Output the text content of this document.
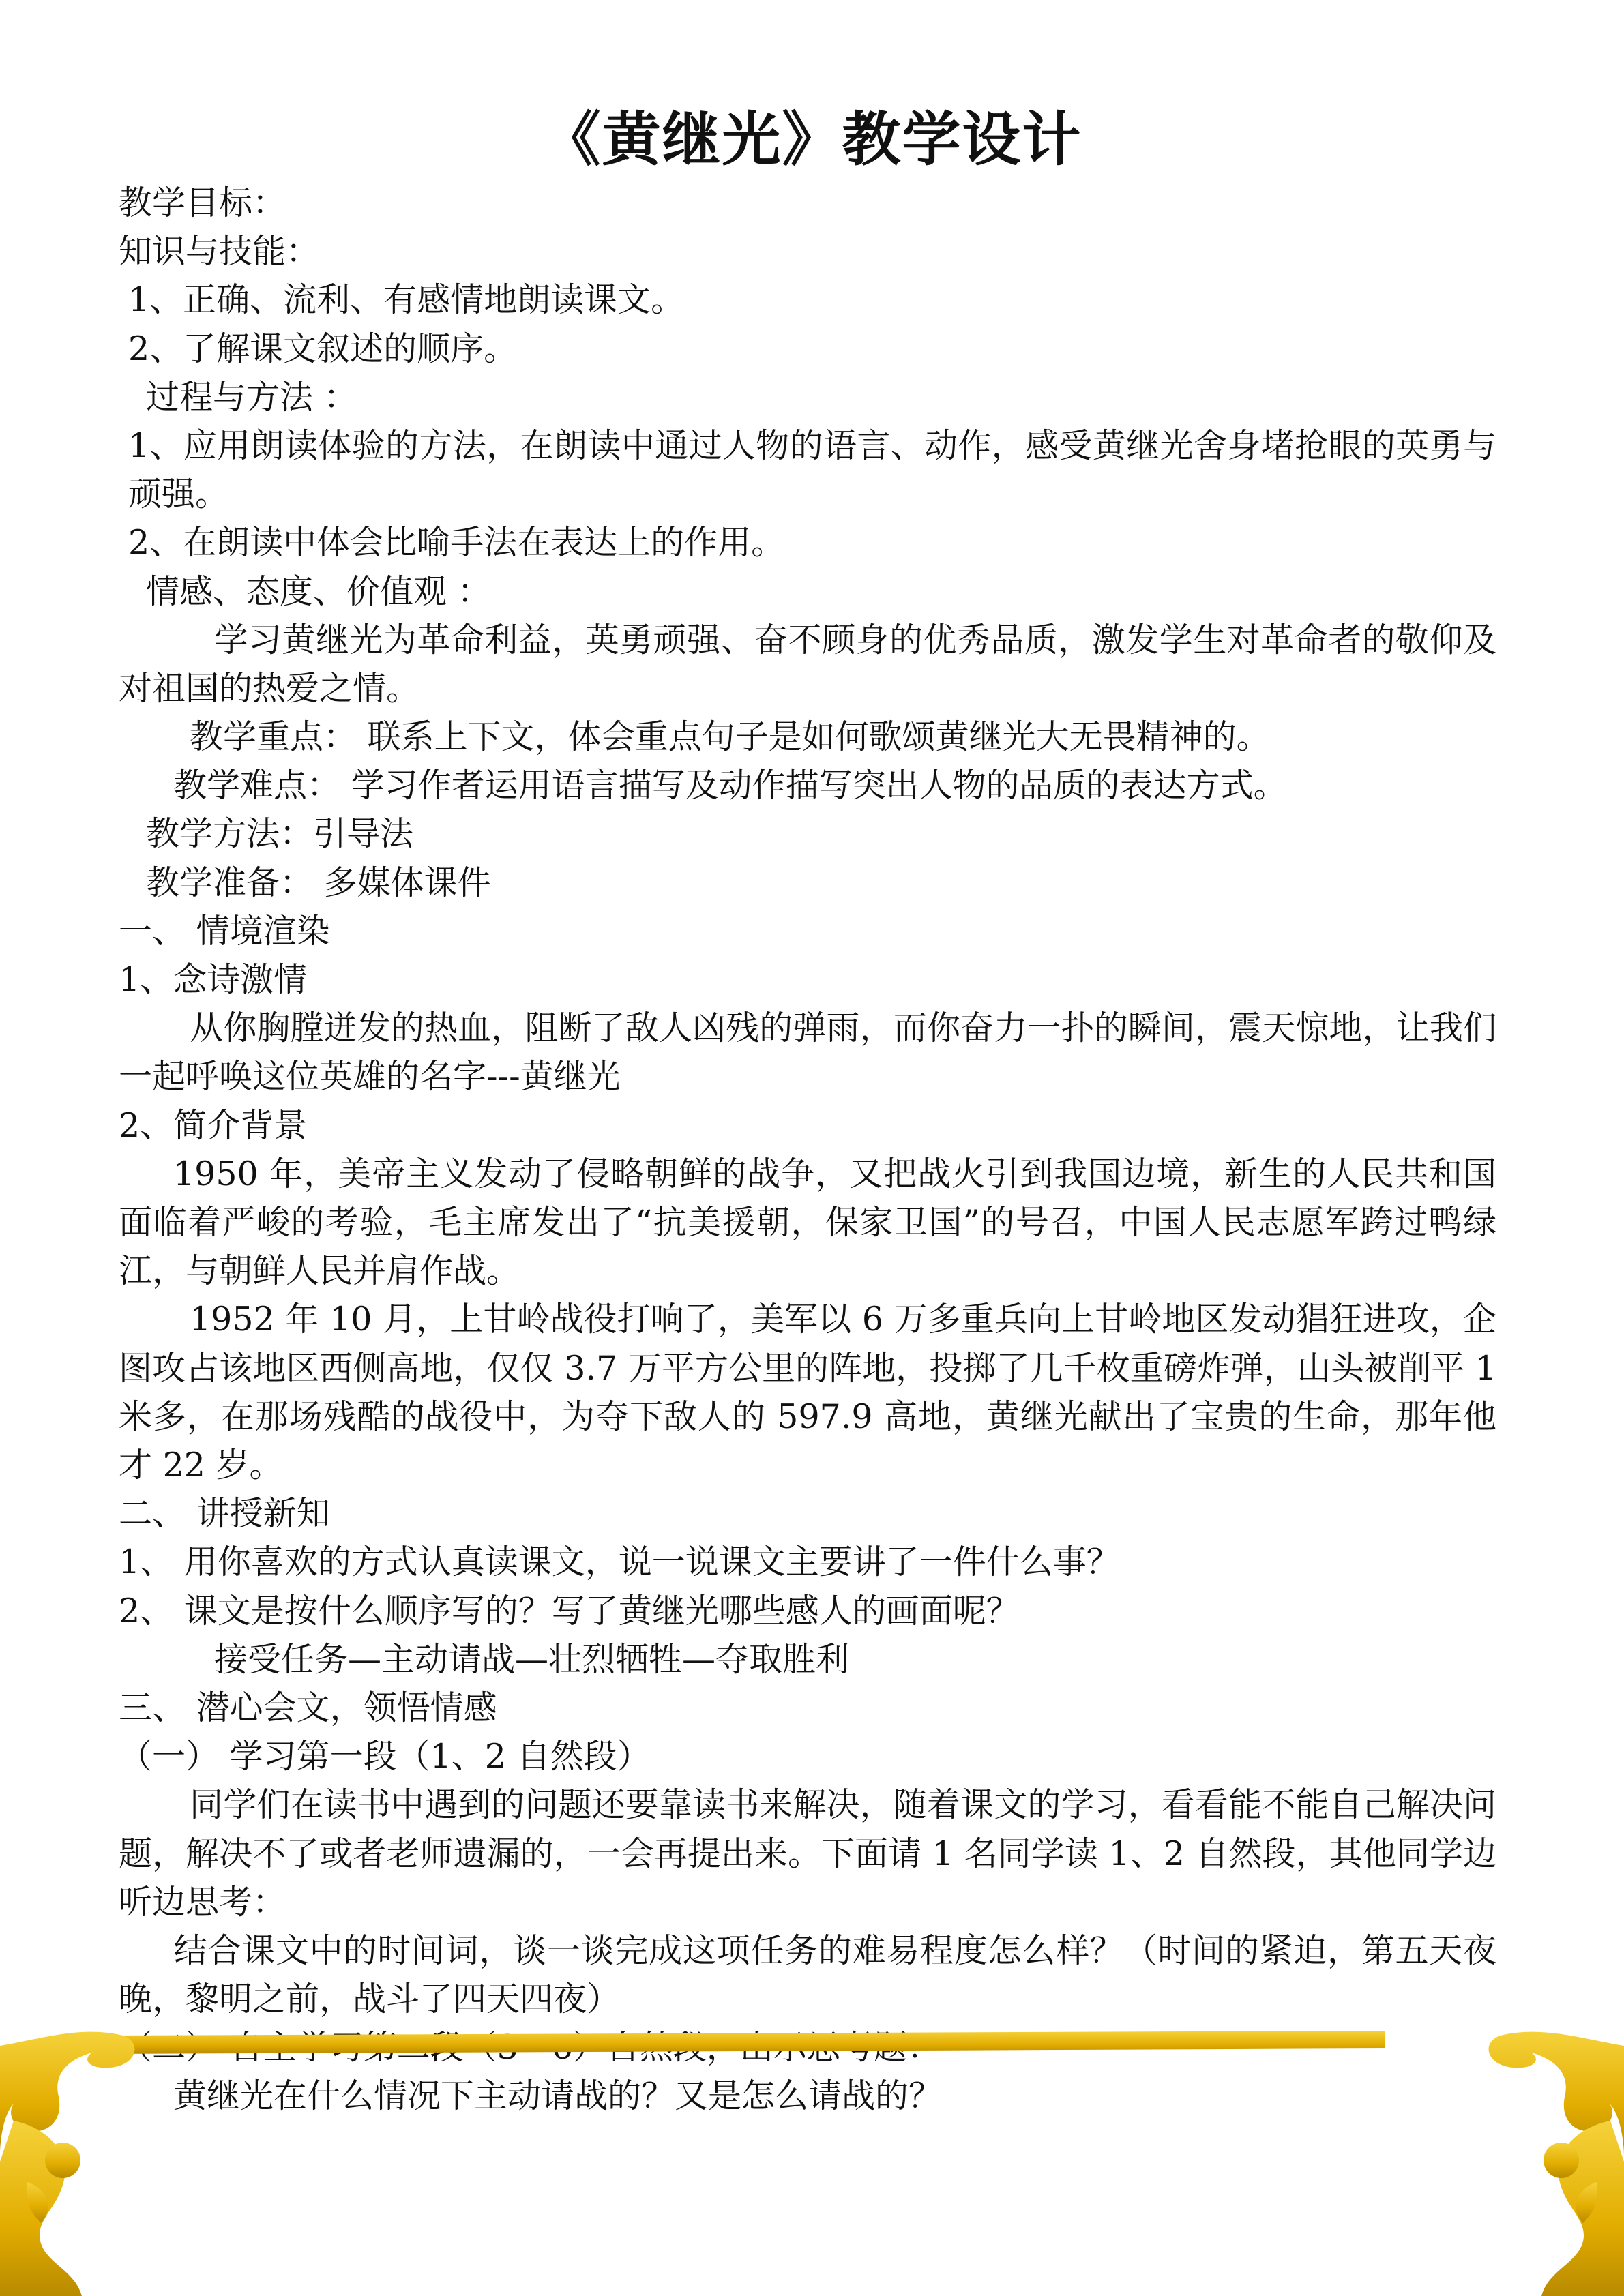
《黄继光》教学设计
教学目标：
知识与技能：
1、正确、流利、有感情地朗读课文。
2、了解课文叙述的顺序。
过程与方法 ：
1、应用朗读体验的方法，在朗读中通过人物的语言、动作，感受黄继光舍身堵抢眼的英勇与顽强。
2、在朗读中体会比喻手法在表达上的作用。
情感、态度、价值观 ：
学习黄继光为革命利益，英勇顽强、奋不顾身的优秀品质，激发学生对革命者的敬仰及对祖国的热爱之情。
教学重点： 联系上下文，体会重点句子是如何歌颂黄继光大无畏精神的。
教学难点： 学习作者运用语言描写及动作描写突出人物的品质的表达方式。
教学方法：引导法
教学准备： 多媒体课件
一、 情境渲染
1、念诗激情
从你胸膛迸发的热血，阻断了敌人凶残的弹雨，而你奋力一扑的瞬间，震天惊地，让我们一起呼唤这位英雄的名字---黄继光
2、简介背景
1950 年，美帝主义发动了侵略朝鲜的战争，又把战火引到我国边境，新生的人民共和国面临着严峻的考验，毛主席发出了“抗美援朝，保家卫国”的号召，中国人民志愿军跨过鸭绿江，与朝鲜人民并肩作战。
1952 年 10 月，上甘岭战役打响了，美军以 6 万多重兵向上甘岭地区发动猖狂进攻，企图攻占该地区西侧高地，仅仅 3.7 万平方公里的阵地，投掷了几千枚重磅炸弹，山头被削平 1 米多，在那场残酷的战役中，为夺下敌人的 597.9 高地，黄继光献出了宝贵的生命，那年他才 22 岁。
二、 讲授新知
1、 用你喜欢的方式认真读课文，说一说课文主要讲了一件什么事？
2、 课文是按什么顺序写的？写了黄继光哪些感人的画面呢？
接受任务—主动请战—壮烈牺牲—夺取胜利
三、 潜心会文，领悟情感
（一） 学习第一段（1、2 自然段）
同学们在读书中遇到的问题还要靠读书来解决，随着课文的学习，看看能不能自己解决问题，解决不了或者老师遗漏的，一会再提出来。下面请 1 名同学读 1、2 自然段，其他同学边听边思考：
结合课文中的时间词，谈一谈完成这项任务的难易程度怎么样？（时间的紧迫，第五天夜晚，黎明之前，战斗了四天四夜）
黄继光在什么情况下主动请战的？又是怎么请战的？
